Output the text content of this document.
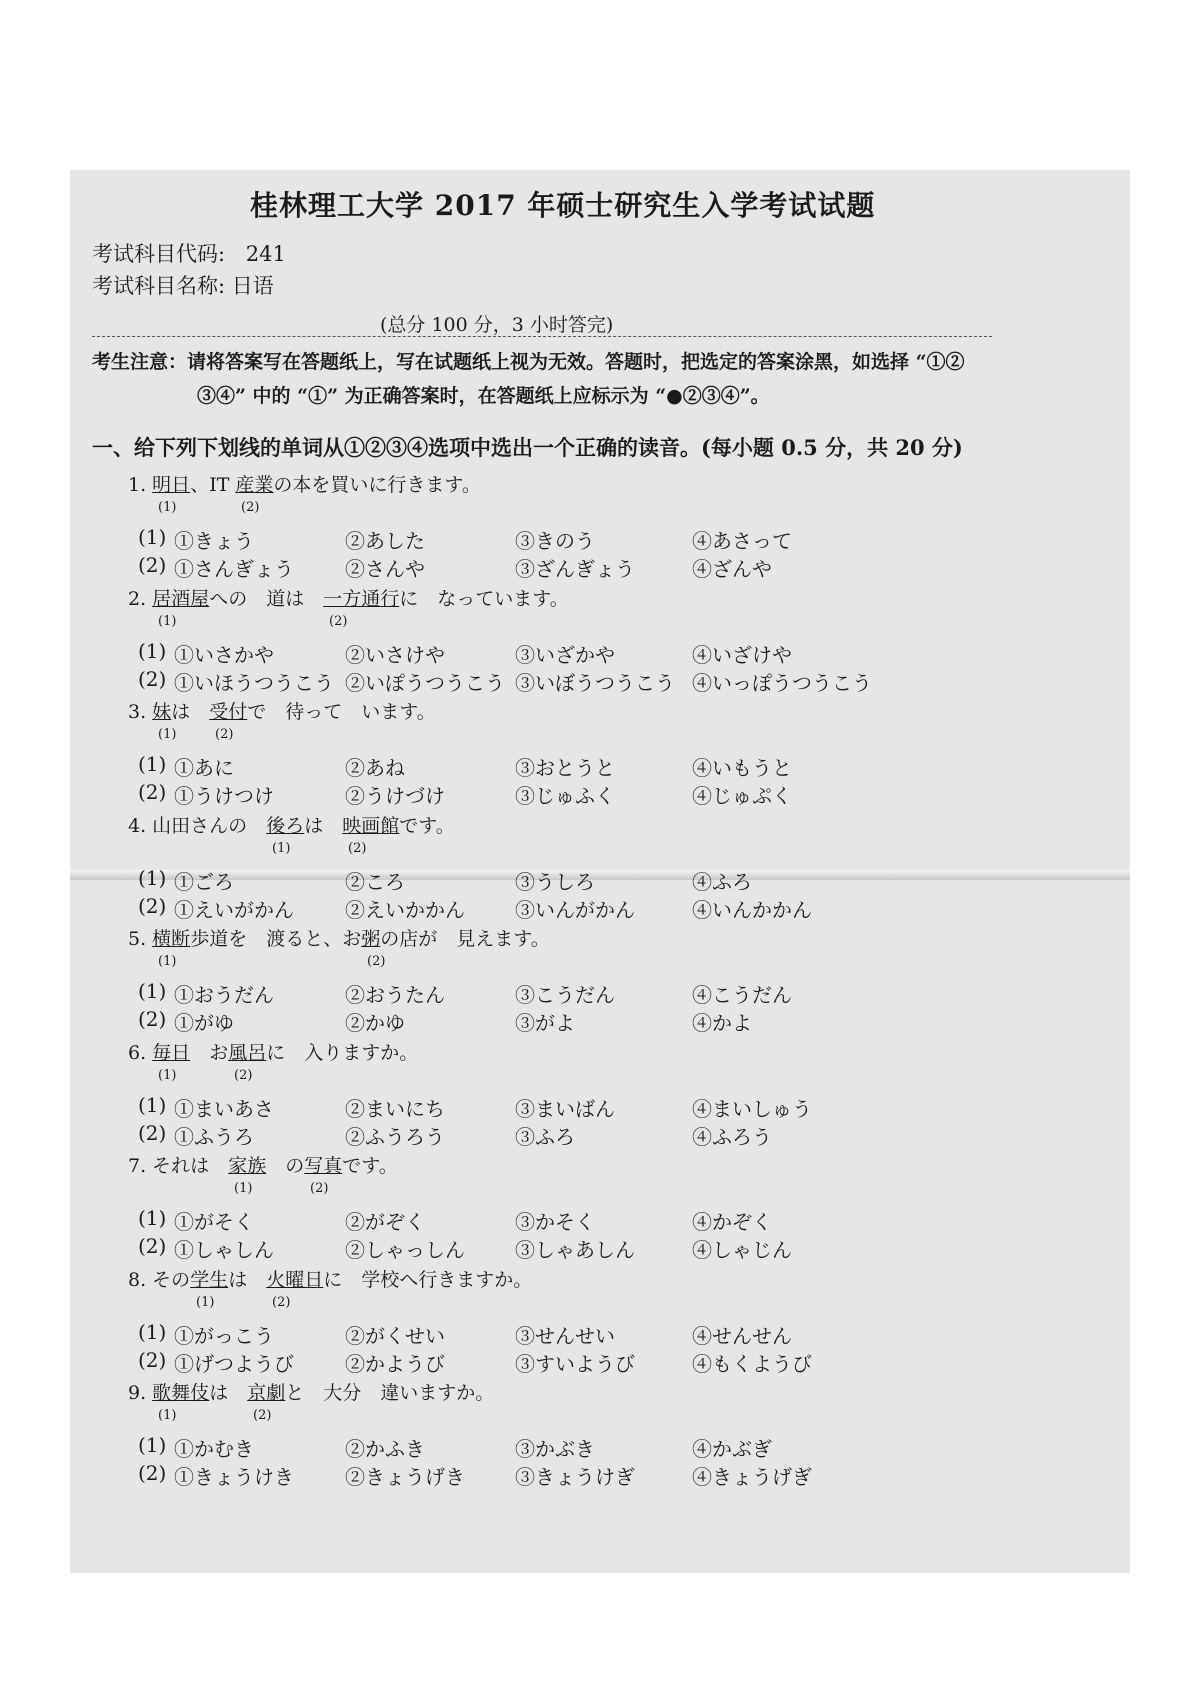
桂林理工大学 2017 年硕士研究生入学考试试题
考试科目代码: 241
考试科目名称: 日语
(总分 100 分，3 小时答完)
考生注意：请将答案写在答题纸上，写在试题纸上视为无效。答题时，把选定的答案涂黑，如选择 “①②
③④” 中的 “①” 为正确答案时，在答题纸上应标示为 “●②③④”。
一、给下列下划线的单词从①②③④选项中选出一个正确的读音。(每小题 0.5 分，共 20 分)
1. 明日、IT 産業の本を買いに行きます。
(1) ①きょう	②あした	③きのう	④あさって
(2) ①さんぎょう	②さんや	③ざんぎょう	④ざんや
2. 居酒屋への　道は　一方通行に　なっています。
(1) ①いさかや	②いさけや	③いざかや	④いざけや
(2) ①いほうつうこう ②いぽうつうこう ③いぼうつうこう ④いっぽうつうこう
3. 妹は　受付で　待って　います。
(1) ①あに	②あね	③おとうと	④いもうと
(2) ①うけつけ	②うけづけ	③じゅふく	④じゅぷく
4. 山田さんの　後ろは　映画館です。
(1) ①ごろ	②ころ	③うしろ	④ふろ
(2) ①えいがかん	②えいかかん	③いんがかん	④いんかかん
5. 横断歩道を　渡ると、お粥の店が　見えます。
(1) ①おうだん	②おうたん	③こうだん	④こうだん
(2) ①がゆ	②かゆ	③がよ	④かよ
6. 毎日　お風呂に　入りますか。
(1) ①まいあさ	②まいにち	③まいばん	④まいしゅう
(2) ①ふうろ	②ふうろう	③ふろ	④ふろう
7. それは　家族　の写真です。
(1) ①がそく	②がぞく	③かそく	④かぞく
(2) ①しゃしん	②しゃっしん	③しゃあしん	④しゃじん
8. その学生は　火曜日に　学校へ行きますか。
(1) ①がっこう	②がくせい	③せんせい	④せんせん
(2) ①げつようび	②かようび	③すいようび	④もくようび
9. 歌舞伎は　京劇と　大分　違いますか。
(1) ①かむき	②かふき	③かぶき	④かぶぎ
(2) ①きょうけき	②きょうげき	③きょうけぎ	④きょうげぎ
(1)	(2)
(1)	(2)
(1)	(2)
(1)	(2)
(1)	(2)
(1)	(2)
(1)	(2)
(1)	(2)
(1)	(2)
